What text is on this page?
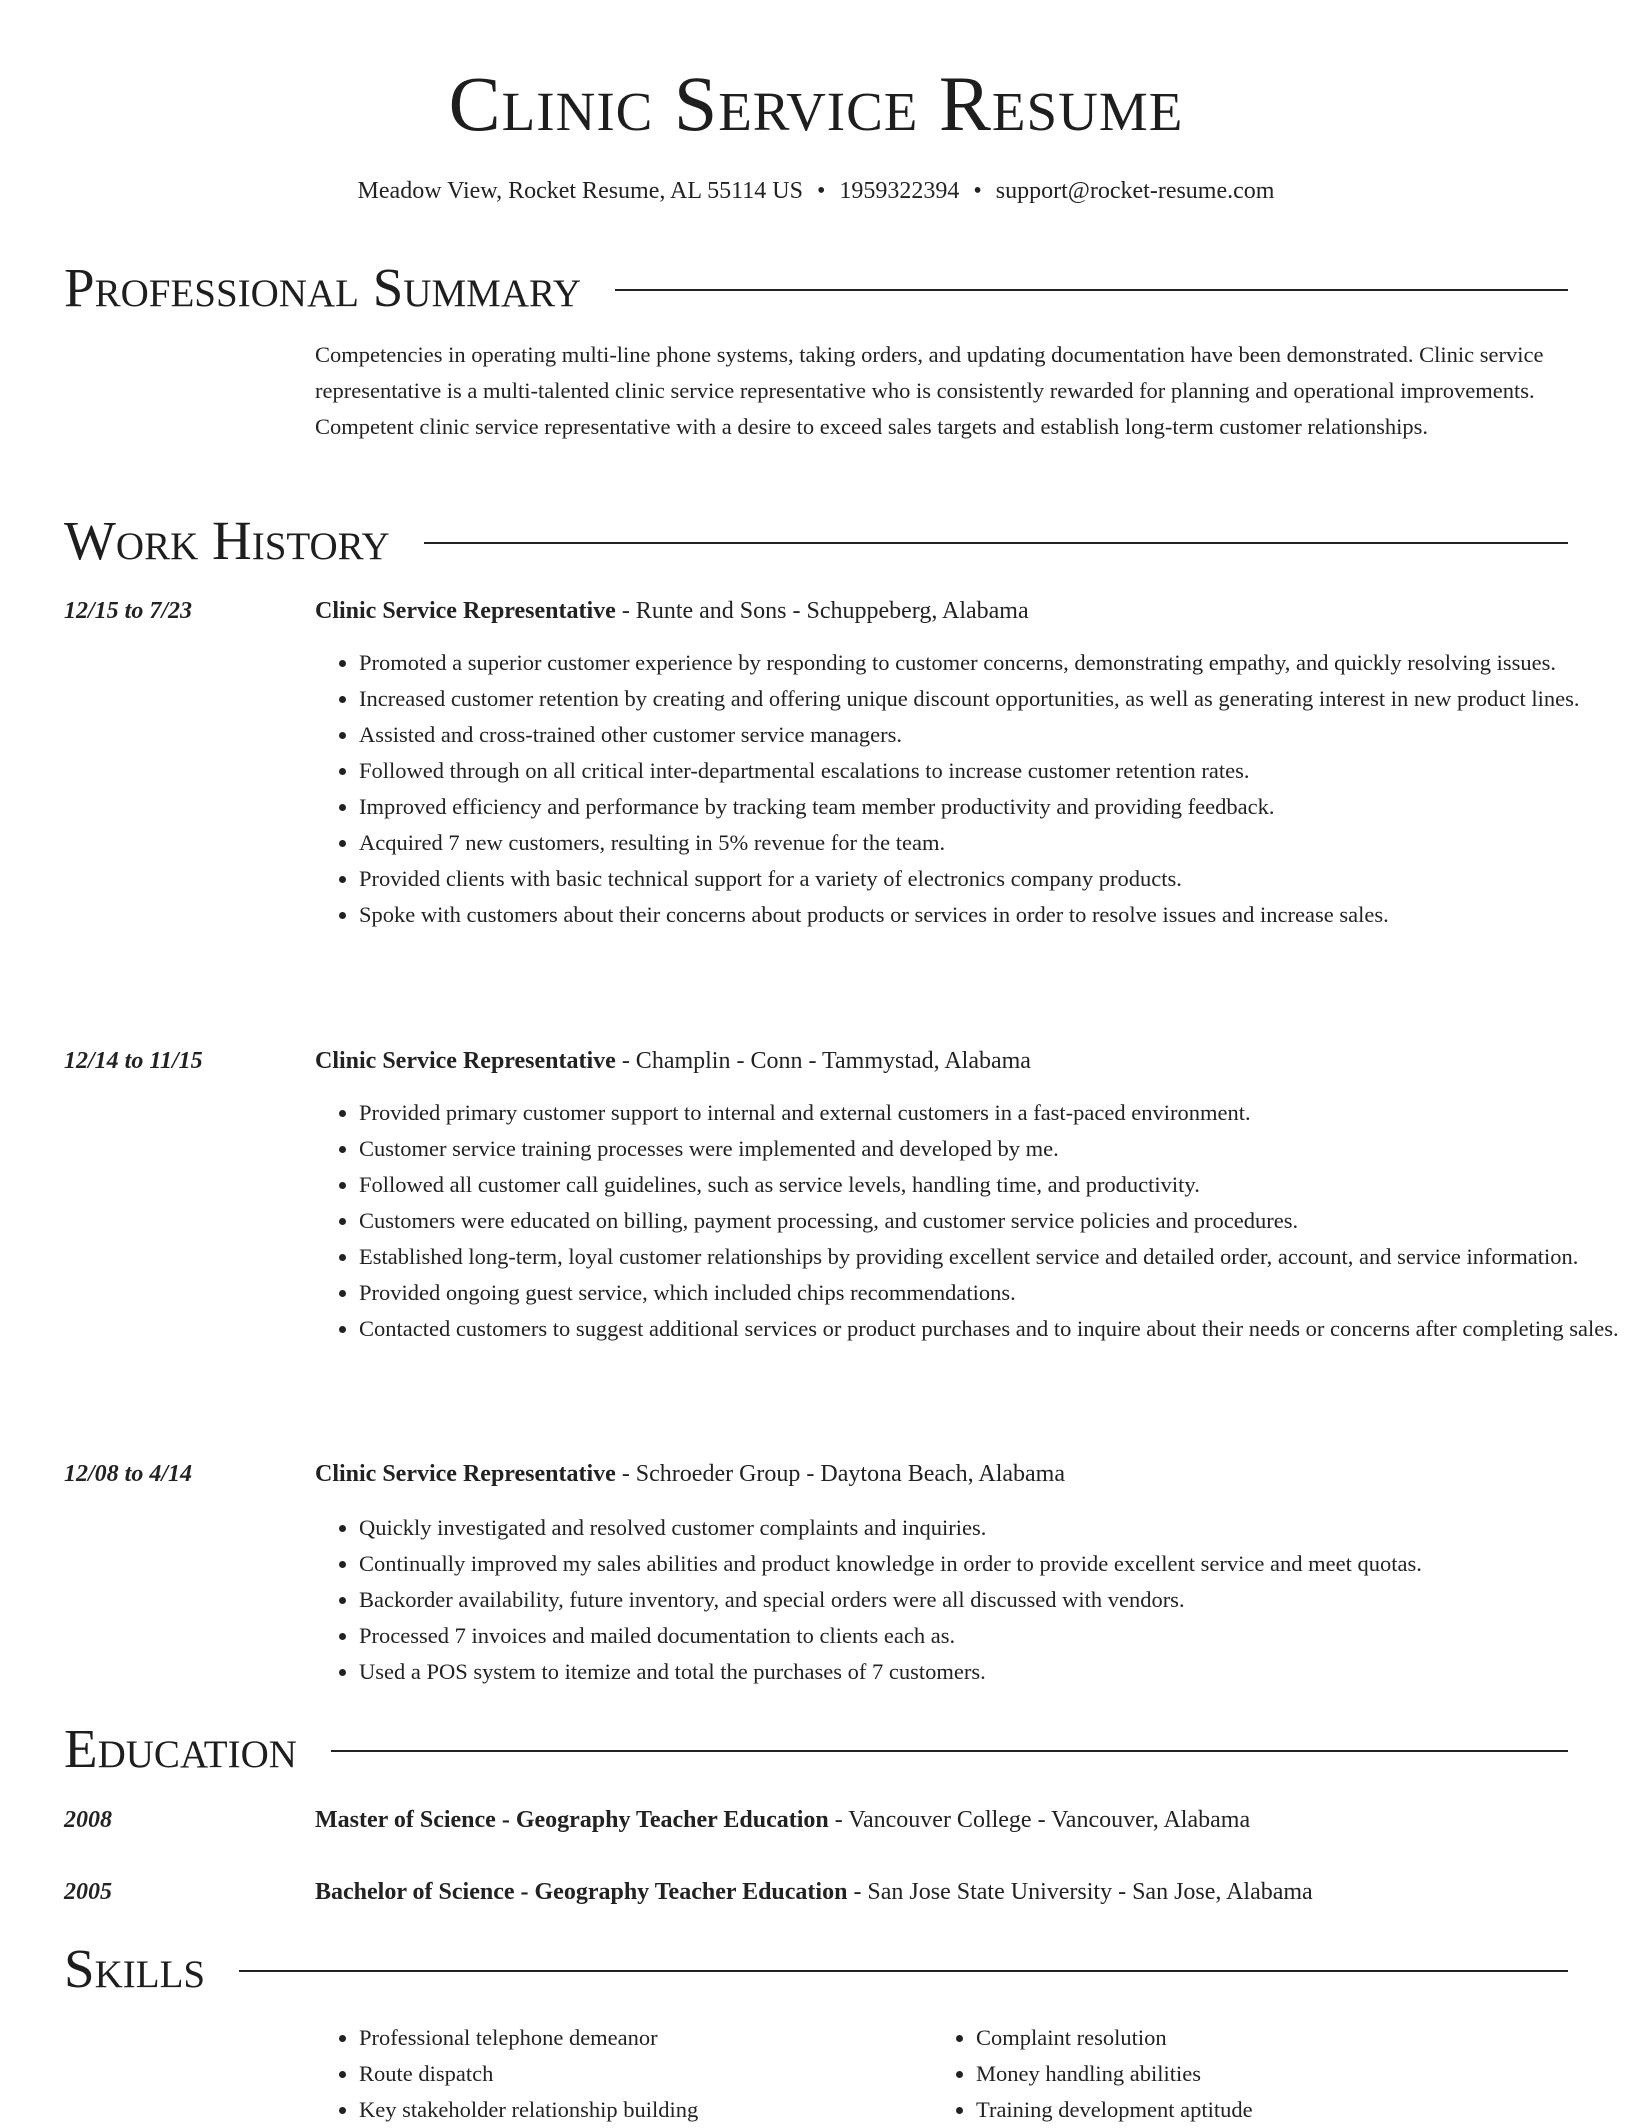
Clinic Service Resume
Meadow View, Rocket Resume, AL 55114 US • 1959322394 • support@rocket-resume.com
Professional Summary

Competencies in operating multi-line phone systems, taking orders, and updating documentation have been demonstrated. Clinic service representative is a multi-talented clinic service representative who is consistently rewarded for planning and operational improvements. Competent clinic service representative with a desire to exceed sales targets and establish long-term customer relationships.

Work History
12/15 to 7/23	Clinic Service Representative - Runte and Sons - Schuppeberg, Alabama
• Promoted a superior customer experience by responding to customer concerns, demonstrating empathy, and quickly resolving issues.
• Increased customer retention by creating and offering unique discount opportunities, as well as generating interest in new product lines.
• Assisted and cross-trained other customer service managers.
• Followed through on all critical inter-departmental escalations to increase customer retention rates.
• Improved efficiency and performance by tracking team member productivity and providing feedback.
• Acquired 7 new customers, resulting in 5% revenue for the team.
• Provided clients with basic technical support for a variety of electronics company products.
• Spoke with customers about their concerns about products or services in order to resolve issues and increase sales.
12/14 to 11/15	Clinic Service Representative - Champlin - Conn - Tammystad, Alabama
• Provided primary customer support to internal and external customers in a fast-paced environment.
• Customer service training processes were implemented and developed by me.
• Followed all customer call guidelines, such as service levels, handling time, and productivity.
• Customers were educated on billing, payment processing, and customer service policies and procedures.
• Established long-term, loyal customer relationships by providing excellent service and detailed order, account, and service information.
• Provided ongoing guest service, which included chips recommendations.
• Contacted customers to suggest additional services or product purchases and to inquire about their needs or concerns after completing sales.
12/08 to 4/14	Clinic Service Representative - Schroeder Group - Daytona Beach, Alabama
• Quickly investigated and resolved customer complaints and inquiries.
• Continually improved my sales abilities and product knowledge in order to provide excellent service and meet quotas.
• Backorder availability, future inventory, and special orders were all discussed with vendors.
• Processed 7 invoices and mailed documentation to clients each as.
• Used a POS system to itemize and total the purchases of 7 customers.
Education
2008	Master of Science - Geography Teacher Education - Vancouver College - Vancouver, Alabama
2005	Bachelor of Science - Geography Teacher Education - San Jose State University - San Jose, Alabama
Skills
• Professional telephone demeanor
• Route dispatch
• Key stakeholder relationship building
• Complaint resolution
• Money handling abilities
• Training development aptitude
